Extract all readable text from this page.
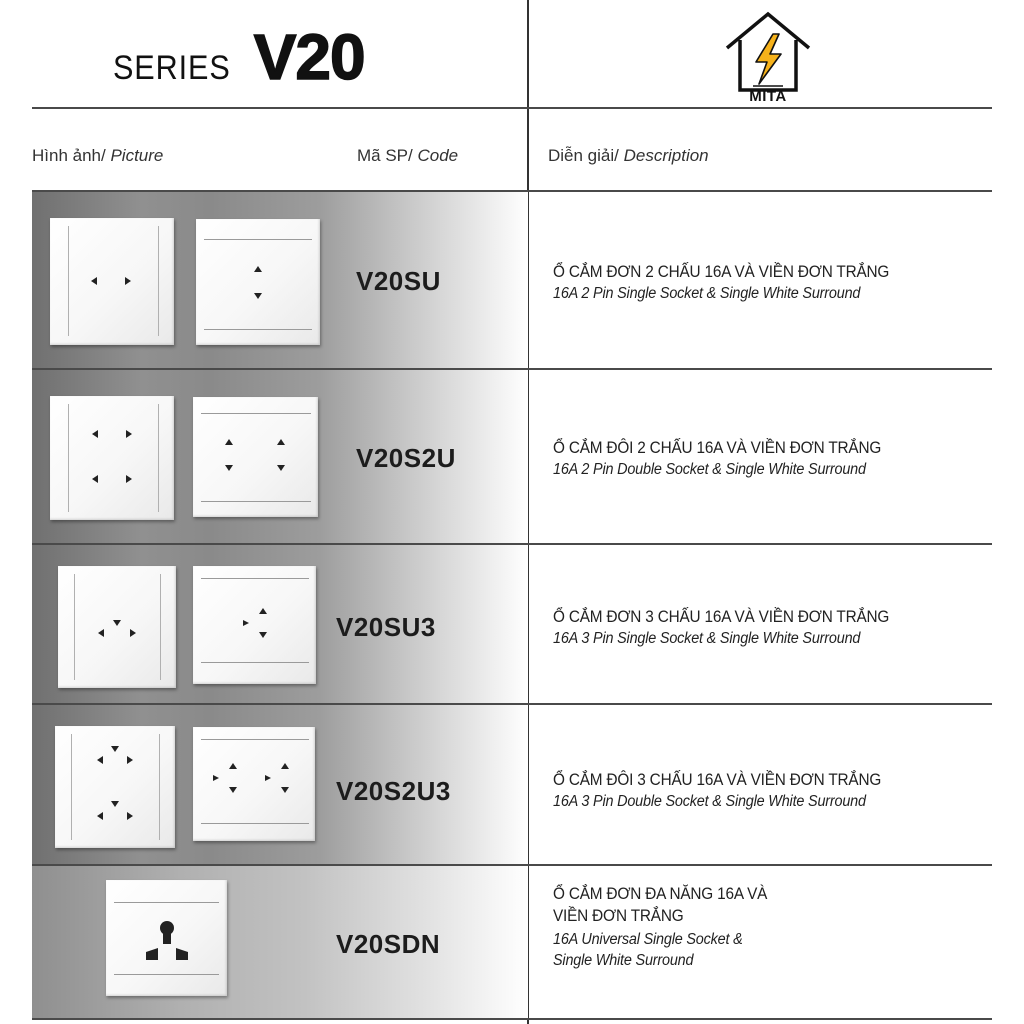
SERIES V20
MITA
Hình ảnh/ Picture	Mã SP/ Code	Diễn giải/ Description
V20SU	Ổ CẮM ĐƠN 2 CHẤU 16A VÀ VIỀN ĐƠN TRẮNG
16A 2 Pin Single Socket & Single White Surround
V20S2U	Ổ CẮM ĐÔI 2 CHẤU 16A VÀ VIỀN ĐƠN TRẮNG
16A 2 Pin Double Socket & Single White Surround
V20SU3	Ổ CẮM ĐƠN 3 CHẤU 16A VÀ VIỀN ĐƠN TRẮNG
16A 3 Pin Single Socket & Single White Surround
V20S2U3	Ổ CẮM ĐÔI 3 CHẤU 16A VÀ VIỀN ĐƠN TRẮNG
16A 3 Pin Double Socket & Single White Surround
V20SDN
Ổ CẮM ĐƠN ĐA NĂNG 16A VÀ
VIỀN ĐƠN TRẮNG
16A Universal Single Socket &
Single White Surround
